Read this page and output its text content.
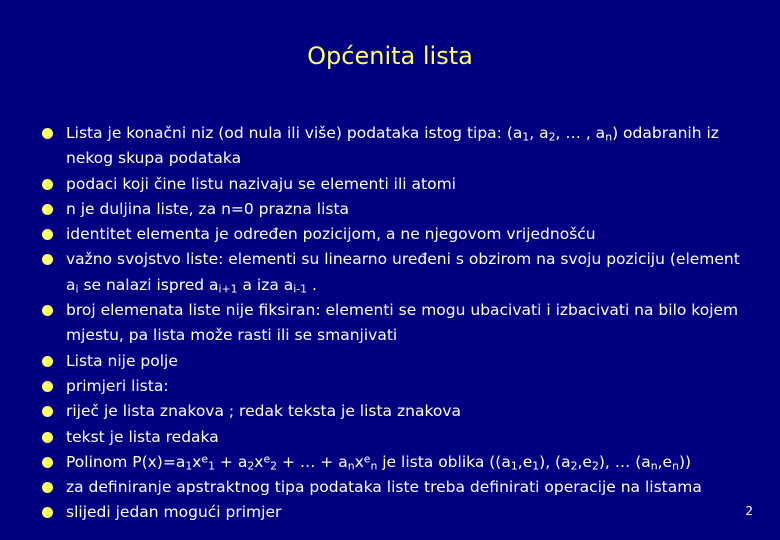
Općenita lista
Lista je konačni niz (od nula ili više) podataka istog tipa: ($a_1$, $a_2$, … , $a_n$) odabranih iz nekog skupa podataka
podaci koji čine listu nazivaju se elementi ili atomi
n je duljina liste, za n=0 prazna lista
identitet elementa je određen pozicijom, a ne njegovom vrijednošću
važno svojstvo liste: elementi su linearno uređeni s obzirom na svoju poziciju (element $a_i$ se nalazi ispred $a_{i+1}$ a iza $a_{i-1}$ .
broj elemenata liste nije fiksiran: elementi se mogu ubacivati i izbacivati na bilo kojem mjestu, pa lista može rasti ili se smanjivati
Lista nije polje
primjeri lista:
riječ je lista znakova ; redak teksta je lista znakova
tekst je lista redaka
Polinom $P(x)=a_1x^e_1 + a_2x^e_2$ + … + $a_nx^e_n$ je lista oblika ($(a_1,e_1)$, $(a_2,e_2)$, … $(a_n,e_n)$)
za definiranje apstraktnog tipa podataka liste treba definirati operacije na listama
slijedi jedan mogući primjer	2
